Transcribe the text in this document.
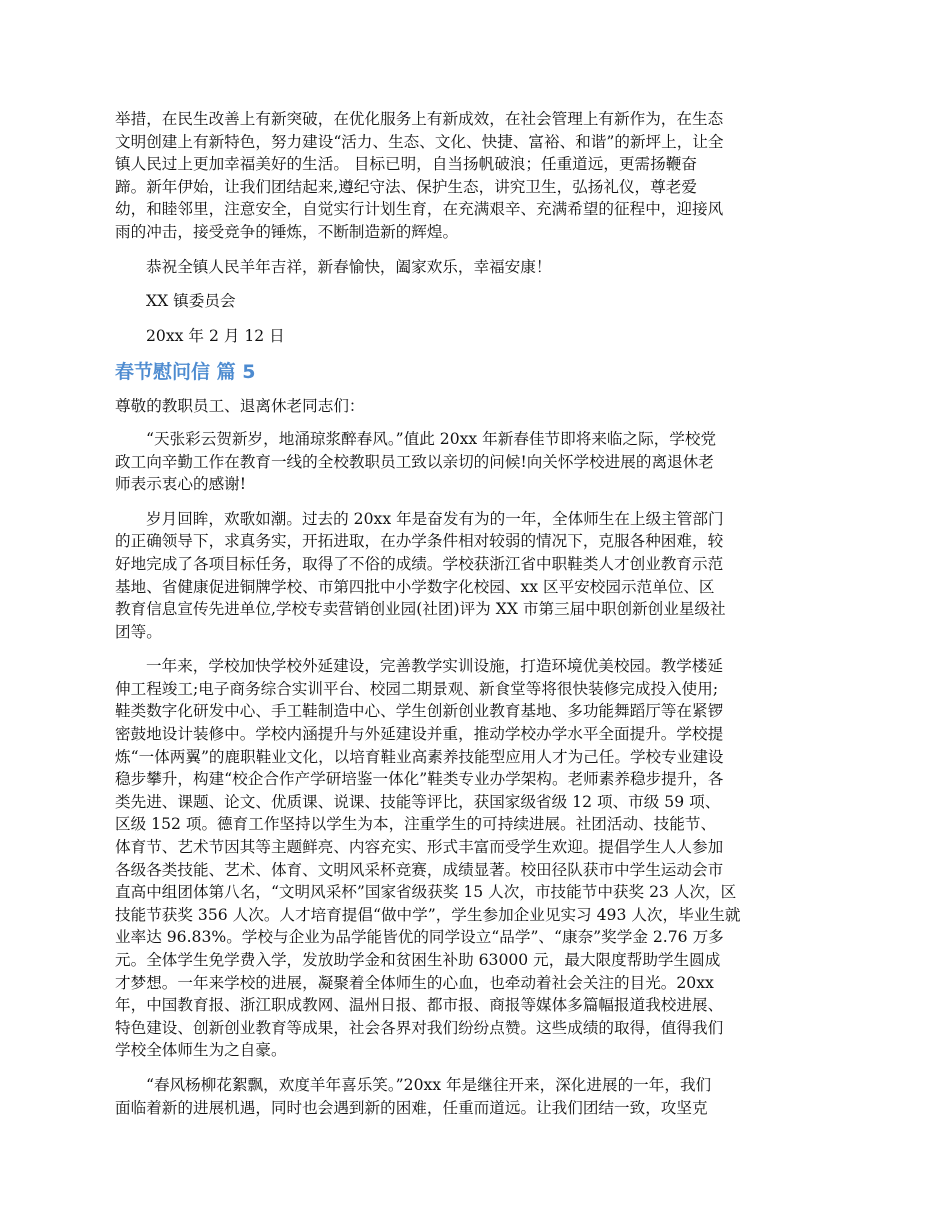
举措，在民生改善上有新突破，在优化服务上有新成效，在社会管理上有新作为，在生态
文明创建上有新特色，努力建设“活力、生态、文化、快捷、富裕、和谐”的新坪上，让全
镇人民过上更加幸福美好的生活。 目标已明，自当扬帆破浪；任重道远，更需扬鞭奋
蹄。新年伊始，让我们团结起来,遵纪守法、保护生态，讲究卫生，弘扬礼仪，尊老爱
幼，和睦邻里，注意安全，自觉实行计划生育，在充满艰辛、充满希望的征程中，迎接风
雨的冲击，接受竞争的锤炼，不断制造新的辉煌。

恭祝全镇人民羊年吉祥，新春愉快，阖家欢乐，幸福安康！

XX 镇委员会

20xx 年 2 月 12 日

春节慰问信 篇 5

尊敬的教职员工、退离休老同志们：

“天张彩云贺新岁，地涌琼浆醉春风。”值此 20xx 年新春佳节即将来临之际，学校党
政工向辛勤工作在教育一线的全校教职员工致以亲切的问候!向关怀学校进展的离退休老
师表示衷心的感谢!
岁月回眸，欢歌如潮。过去的 20xx 年是奋发有为的一年，全体师生在上级主管部门
的正确领导下，求真务实，开拓进取，在办学条件相对较弱的情况下，克服各种困难，较
好地完成了各项目标任务，取得了不俗的成绩。学校获浙江省中职鞋类人才创业教育示范
基地、省健康促进铜牌学校、市第四批中小学数字化校园、xx 区平安校园示范单位、区
教育信息宣传先进单位,学校专卖营销创业园(社团)评为 XX 市第三届中职创新创业星级社
团等。
一年来，学校加快学校外延建设，完善教学实训设施，打造环境优美校园。教学楼延
伸工程竣工;电子商务综合实训平台、校园二期景观、新食堂等将很快装修完成投入使用;
鞋类数字化研发中心、手工鞋制造中心、学生创新创业教育基地、多功能舞蹈厅等在紧锣
密鼓地设计装修中。学校内涵提升与外延建设并重，推动学校办学水平全面提升。学校提
炼“一体两翼”的鹿职鞋业文化，以培育鞋业高素养技能型应用人才为己任。学校专业建设
稳步攀升，构建“校企合作产学研培鉴一体化”鞋类专业办学架构。老师素养稳步提升，各
类先进、课题、论文、优质课、说课、技能等评比，获国家级省级 12 项、市级 59 项、
区级 152 项。德育工作坚持以学生为本，注重学生的可持续进展。社团活动、技能节、
体育节、艺术节因其等主题鲜亮、内容充实、形式丰富而受学生欢迎。提倡学生人人参加
各级各类技能、艺术、体育、文明风采杯竞赛，成绩显著。校田径队获市中学生运动会市
直高中组团体第八名，“文明风采杯”国家省级获奖 15 人次，市技能节中获奖 23 人次，区
技能节获奖 356 人次。人才培育提倡“做中学”，学生参加企业见实习 493 人次，毕业生就
业率达 96.83%。学校与企业为品学能皆优的同学设立“品学”、“康奈”奖学金 2.76 万多
元。全体学生免学费入学，发放助学金和贫困生补助 63000 元，最大限度帮助学生圆成
才梦想。一年来学校的进展，凝聚着全体师生的心血，也牵动着社会关注的目光。20xx
年，中国教育报、浙江职成教网、温州日报、都市报、商报等媒体多篇幅报道我校进展、
特色建设、创新创业教育等成果，社会各界对我们纷纷点赞。这些成绩的取得，值得我们
学校全体师生为之自豪。
“春风杨柳花絮飘，欢度羊年喜乐笑。”20xx 年是继往开来，深化进展的一年，我们
面临着新的进展机遇，同时也会遇到新的困难，任重而道远。让我们团结一致，攻坚克
